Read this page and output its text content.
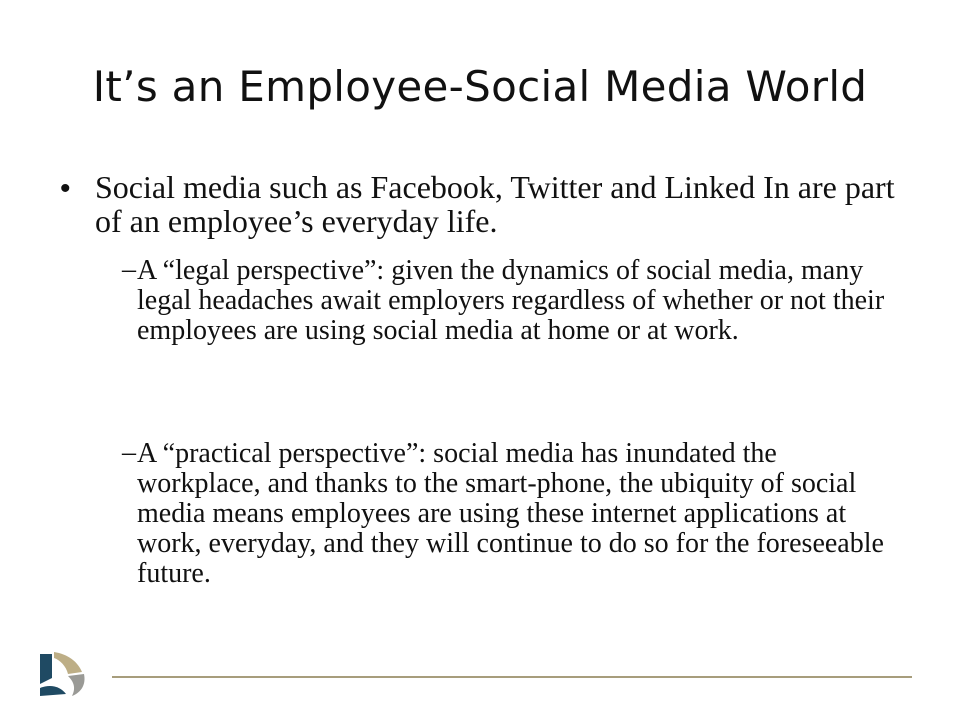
It’s an Employee-Social Media World
• Social media such as Facebook, Twitter and Linked In are part of an employee’s everyday life.
– A “legal perspective”: given the dynamics of social media, many legal headaches await employers regardless of whether or not their employees are using social media at home or at work.
– A “practical perspective”: social media has inundated the workplace, and thanks to the smart-phone, the ubiquity of social media means employees are using these internet applications at work, everyday, and they will continue to do so for the foreseeable future.
